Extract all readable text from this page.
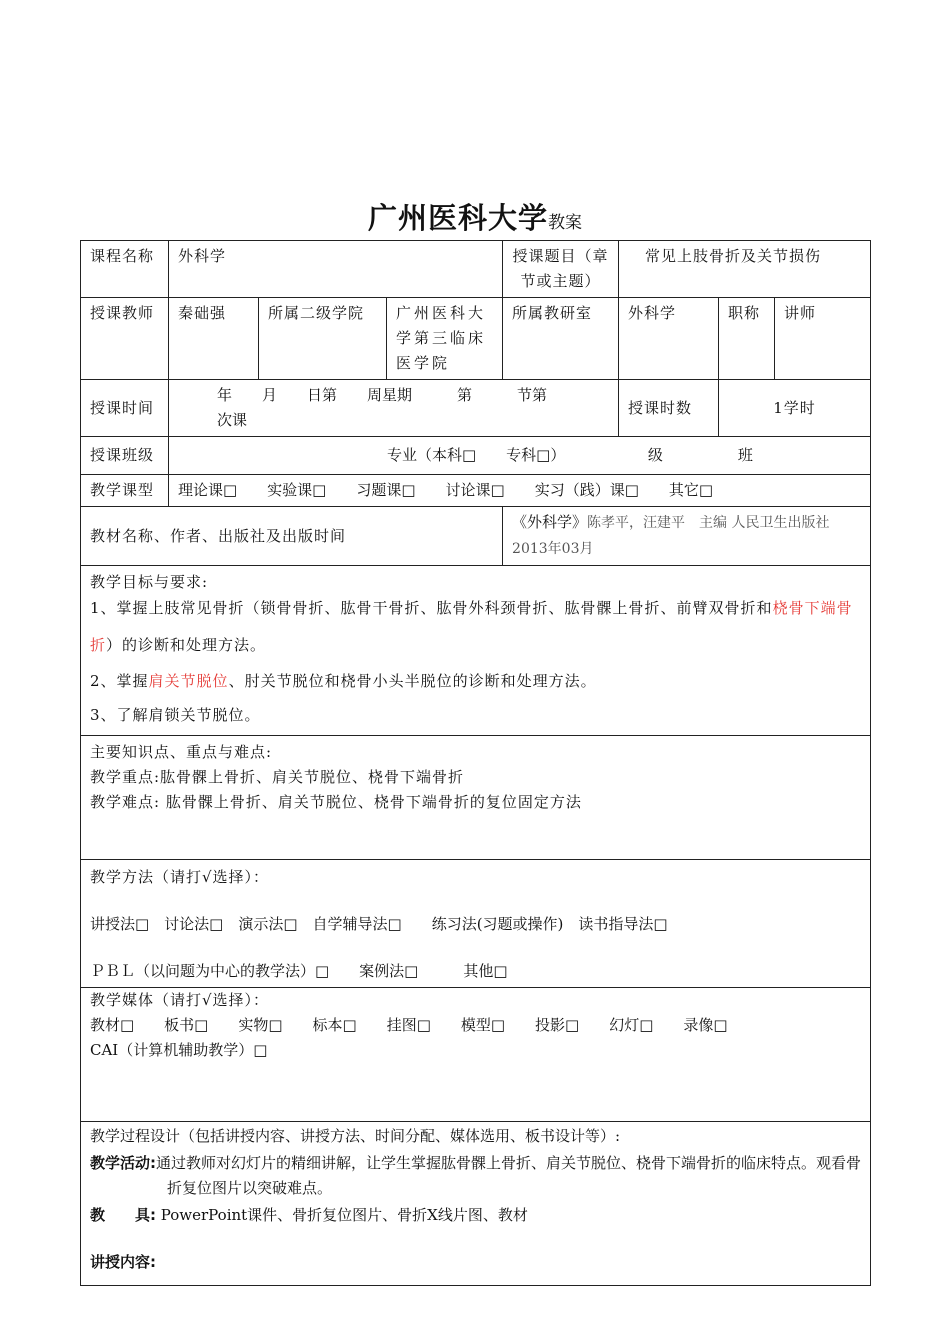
广州医科大学教案
课程名称	外科学			授课题目（章节或主题）	常见上肢骨折及关节损伤		
授课教师	秦础强	所属二级学院	广州医科大学第三临床医学院	所属教研室	外科学	职称	讲师
授课时间	年　　月　　日第　　周星期　　　第　　　节第　　　　次课				授课时数	1学时	
授课班级	专业（本科□　　专科□）　　　　　　级　　　　　班						
教学课型	理论课□　　实验课□　　习题课□　　讨论课□　　实习（践）课□　　其它□						
教材名称、作者、出版社及出版时间				《外科学》陈孝平，汪建平　主编 人民卫生出版社 2013年03月			

教学目标与要求:
1、掌握上肢常见骨折（锁骨骨折、肱骨干骨折、肱骨外科颈骨折、肱骨髁上骨折、前臂双骨折和桡骨下端骨折）的诊断和处理方法。
2、掌握肩关节脱位、肘关节脱位和桡骨小头半脱位的诊断和处理方法。
3、了解肩锁关节脱位。							

主要知识点、重点与难点:
教学重点:肱骨髁上骨折、肩关节脱位、桡骨下端骨折
教学难点: 肱骨髁上骨折、肩关节脱位、桡骨下端骨折的复位固定方法							

教学方法（请打√选择）：
讲授法□　讨论法□　演示法□　自学辅导法□　　练习法(习题或操作)　读书指导法□
ＰＢＬ（以问题为中心的教学法）□　　案例法□　　　其他□							

教学媒体（请打√选择）：
教材□　　板书□　　实物□　　标本□　　挂图□　　模型□　　投影□　　幻灯□　　录像□
CAI（计算机辅助教学）□							

教学过程设计（包括讲授内容、讲授方法、时间分配、媒体选用、板书设计等）:
教学活动:通过教师对幻灯片的精细讲解，让学生掌握肱骨髁上骨折、肩关节脱位、桡骨下端骨折的临床特点。观看骨折复位图片以突破难点。
教　　具: PowerPoint课件、骨折复位图片、骨折X线片图、教材
讲授内容:							
